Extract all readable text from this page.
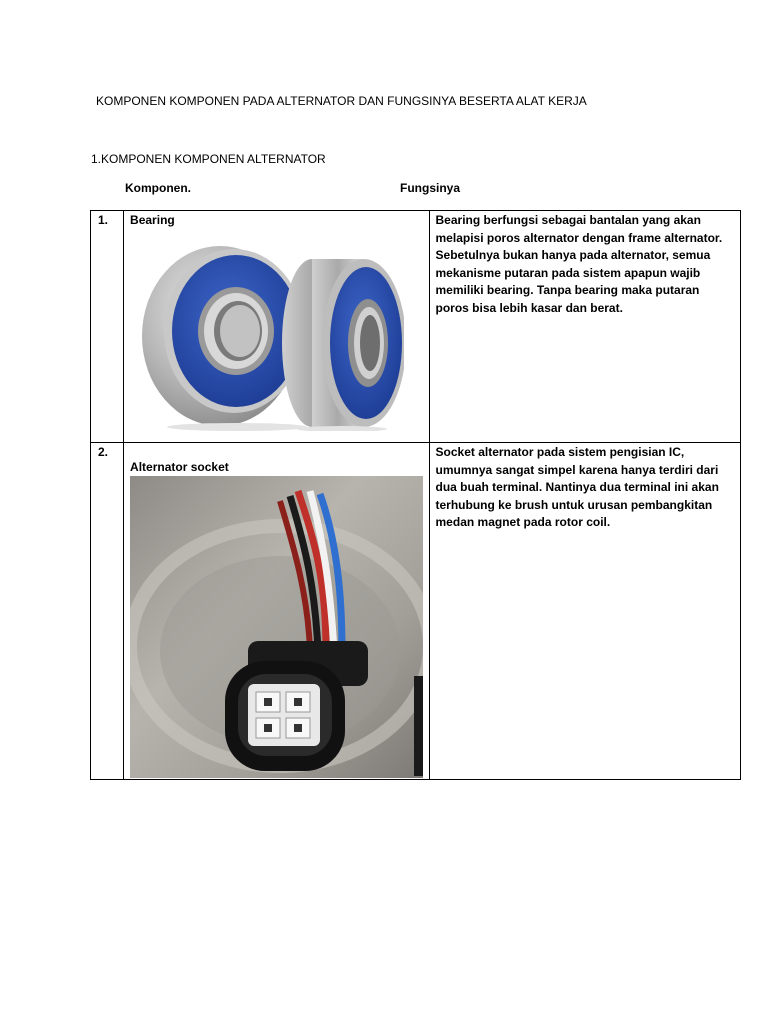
KOMPONEN KOMPONEN PADA ALTERNATOR DAN FUNGSINYA BESERTA ALAT KERJA
1.KOMPONEN KOMPONEN ALTERNATOR
Komponen.	Fungsinya
1.	Bearing	Bearing berfungsi sebagai bantalan yang akan melapisi poros alternator dengan frame alternator. Sebetulnya bukan hanya pada alternator, semua mekanisme putaran pada sistem apapun wajib memiliki bearing. Tanpa bearing maka putaran poros bisa lebih kasar dan berat.

2.	Alternator socket	Socket alternator pada sistem pengisian IC, umumnya sangat simpel karena hanya terdiri dari dua buah terminal. Nantinya dua terminal ini akan terhubung ke brush untuk urusan pembangkitan medan magnet pada rotor coil.
